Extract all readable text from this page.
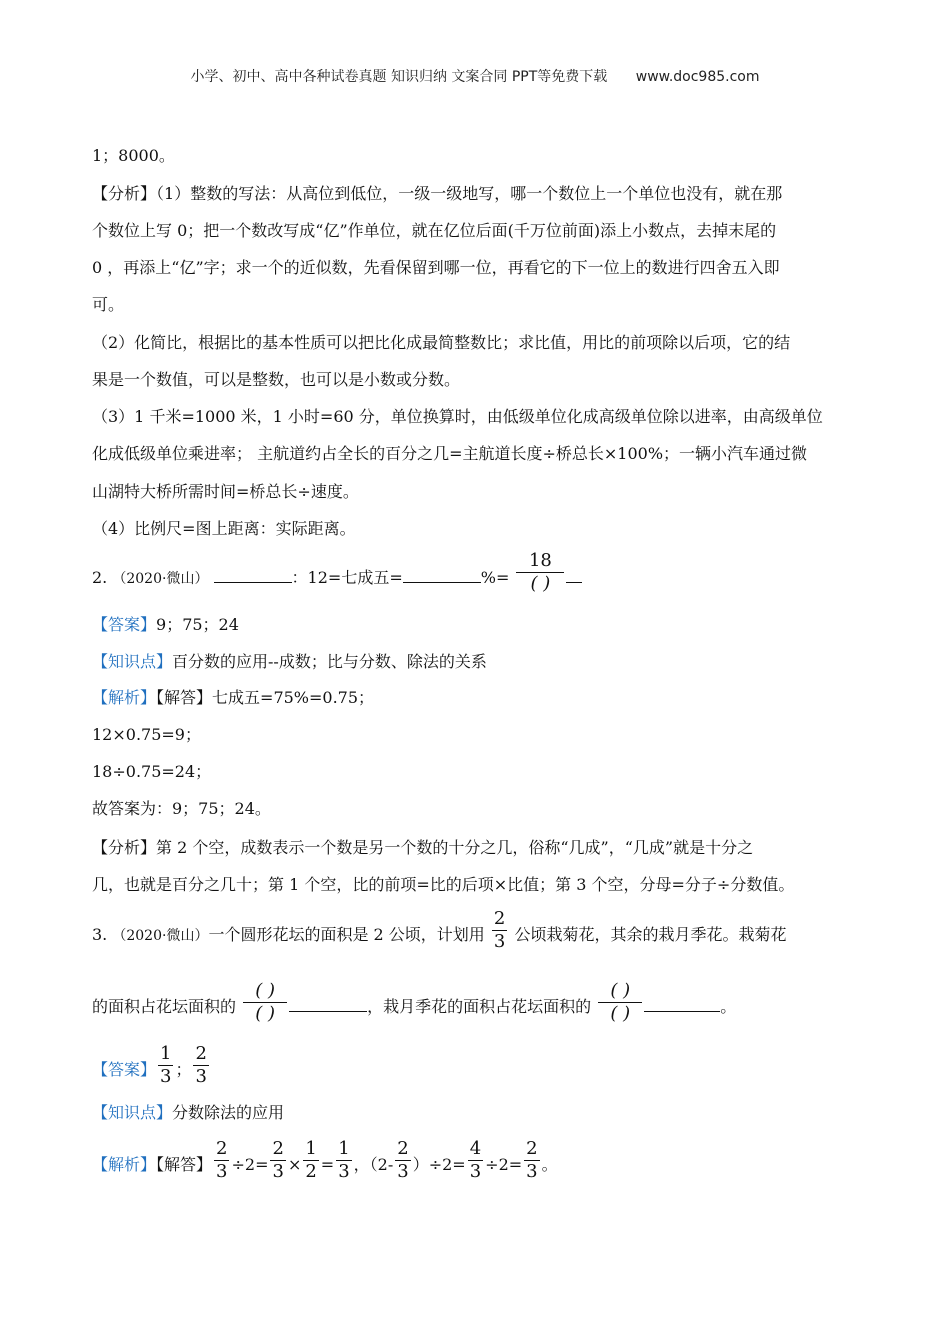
小学、初中、高中各种试卷真题 知识归纳 文案合同 PPT等免费下载 www.doc985.com
1；8000。
【分析】（1）整数的写法：从高位到低位，一级一级地写，哪一个数位上一个单位也没有，就在那
个数位上写 0；把一个数改写成“亿”作单位，就在亿位后面(千万位前面)添上小数点，去掉末尾的
0 ，再添上“亿”字；求一个的近似数，先看保留到哪一位，再看它的下一位上的数进行四舍五入即
可。
（2）化简比，根据比的基本性质可以把比化成最简整数比；求比值，用比的前项除以后项，它的结
果是一个数值，可以是整数，也可以是小数或分数。
（3）1 千米=1000 米，1 小时=60 分，单位换算时，由低级单位化成高级单位除以进率，由高级单位
化成低级单位乘进率； 主航道约占全长的百分之几=主航道长度÷桥总长×100%；一辆小汽车通过微
山湖特大桥所需时间=桥总长÷速度。
（4）比例尺=图上距离：实际距离。
2. （2020·微山）	：12=七成五=	%= $\frac{18}{( )}$
【答案】9；75；24
【知识点】百分数的应用--成数；比与分数、除法的关系
【解析】【解答】七成五=75%=0.75；
12×0.75=9；
18÷0.75=24；
故答案为：9；75；24。
【分析】第 2 个空，成数表示一个数是另一个数的十分之几，俗称“几成”，“几成”就是十分之
几，也就是百分之几十；第 1 个空，比的前项=比的后项×比值；第 3 个空，分母=分子÷分数值。
3. （2020·微山）一个圆形花坛的面积是 2 公顷，计划用 $\frac{2}{3}$ 公顷栽菊花，其余的栽月季花。栽菊花
的面积占花坛面积的 $\frac{( )}{( )}$	，栽月季花的面积占花坛面积的 $\frac{( )}{( )}$	。
【答案】 $\frac{1}{3}$ ； $\frac{2}{3}$
【知识点】分数除法的应用
【解析】【解答】 $\frac{2}{3} \div 2= \frac{2}{3} \times \frac{1}{2} = \frac{1}{3}$ ，$(2- \frac{2}{3} )\div 2= \frac{4}{3} \div 2= \frac{2}{3}$ 。
